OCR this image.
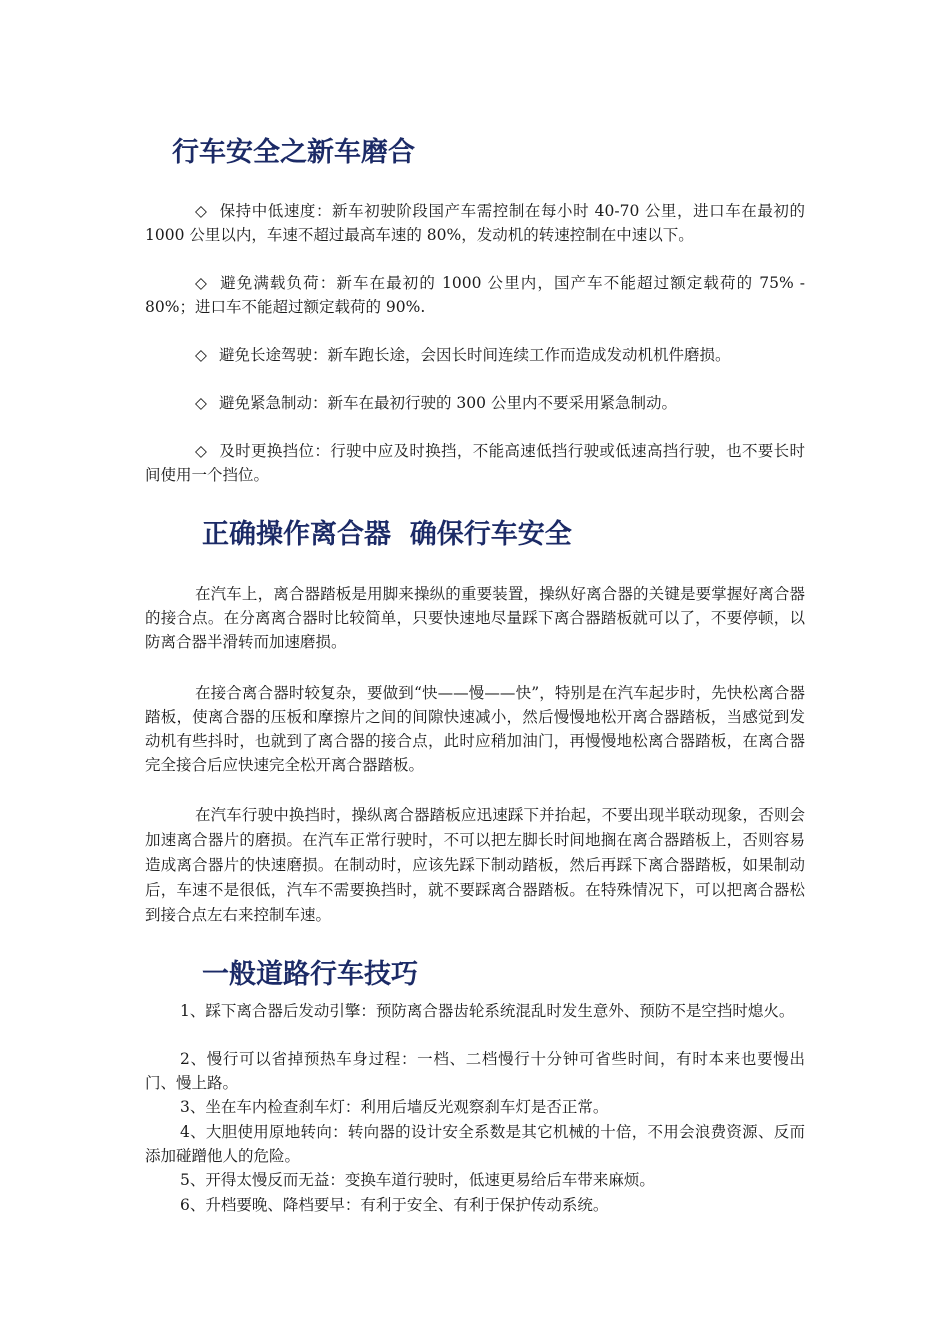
行车安全之新车磨合

◇ 保持中低速度：新车初驶阶段国产车需控制在每小时 40-70 公里，进口车在最初的 1000 公里以内，车速不超过最高车速的 80%，发动机的转速控制在中速以下。

◇ 避免满载负荷：新车在最初的 1000 公里内，国产车不能超过额定载荷的 75% - 80%；进口车不能超过额定载荷的 90%.

◇ 避免长途驾驶：新车跑长途，会因长时间连续工作而造成发动机机件磨损。

◇ 避免紧急制动：新车在最初行驶的 300 公里内不要采用紧急制动。

◇ 及时更换挡位：行驶中应及时换挡，不能高速低挡行驶或低速高挡行驶，也不要长时间使用一个挡位。

正确操作离合器  确保行车安全

在汽车上，离合器踏板是用脚来操纵的重要装置，操纵好离合器的关键是要掌握好离合器的接合点。在分离离合器时比较简单，只要快速地尽量踩下离合器踏板就可以了，不要停顿，以防离合器半滑转而加速磨损。

在接合离合器时较复杂，要做到“快——慢——快”，特别是在汽车起步时，先快松离合器踏板，使离合器的压板和摩擦片之间的间隙快速减小，然后慢慢地松开离合器踏板，当感觉到发动机有些抖时，也就到了离合器的接合点，此时应稍加油门，再慢慢地松离合器踏板，在离合器完全接合后应快速完全松开离合器踏板。

在汽车行驶中换挡时，操纵离合器踏板应迅速踩下并抬起，不要出现半联动现象，否则会加速离合器片的磨损。在汽车正常行驶时，不可以把左脚长时间地搁在离合器踏板上，否则容易造成离合器片的快速磨损。在制动时，应该先踩下制动踏板，然后再踩下离合器踏板，如果制动后，车速不是很低，汽车不需要换挡时，就不要踩离合器踏板。在特殊情况下，可以把离合器松到接合点左右来控制车速。

一般道路行车技巧

1、踩下离合器后发动引擎：预防离合器齿轮系统混乱时发生意外、预防不是空挡时熄火。

2、慢行可以省掉预热车身过程：一档、二档慢行十分钟可省些时间，有时本来也要慢出门、慢上路。

3、坐在车内检查刹车灯：利用后墙反光观察刹车灯是否正常。

4、大胆使用原地转向：转向器的设计安全系数是其它机械的十倍，不用会浪费资源、反而添加碰蹭他人的危险。

5、开得太慢反而无益：变换车道行驶时，低速更易给后车带来麻烦。

6、升档要晚、降档要早：有利于安全、有利于保护传动系统。
